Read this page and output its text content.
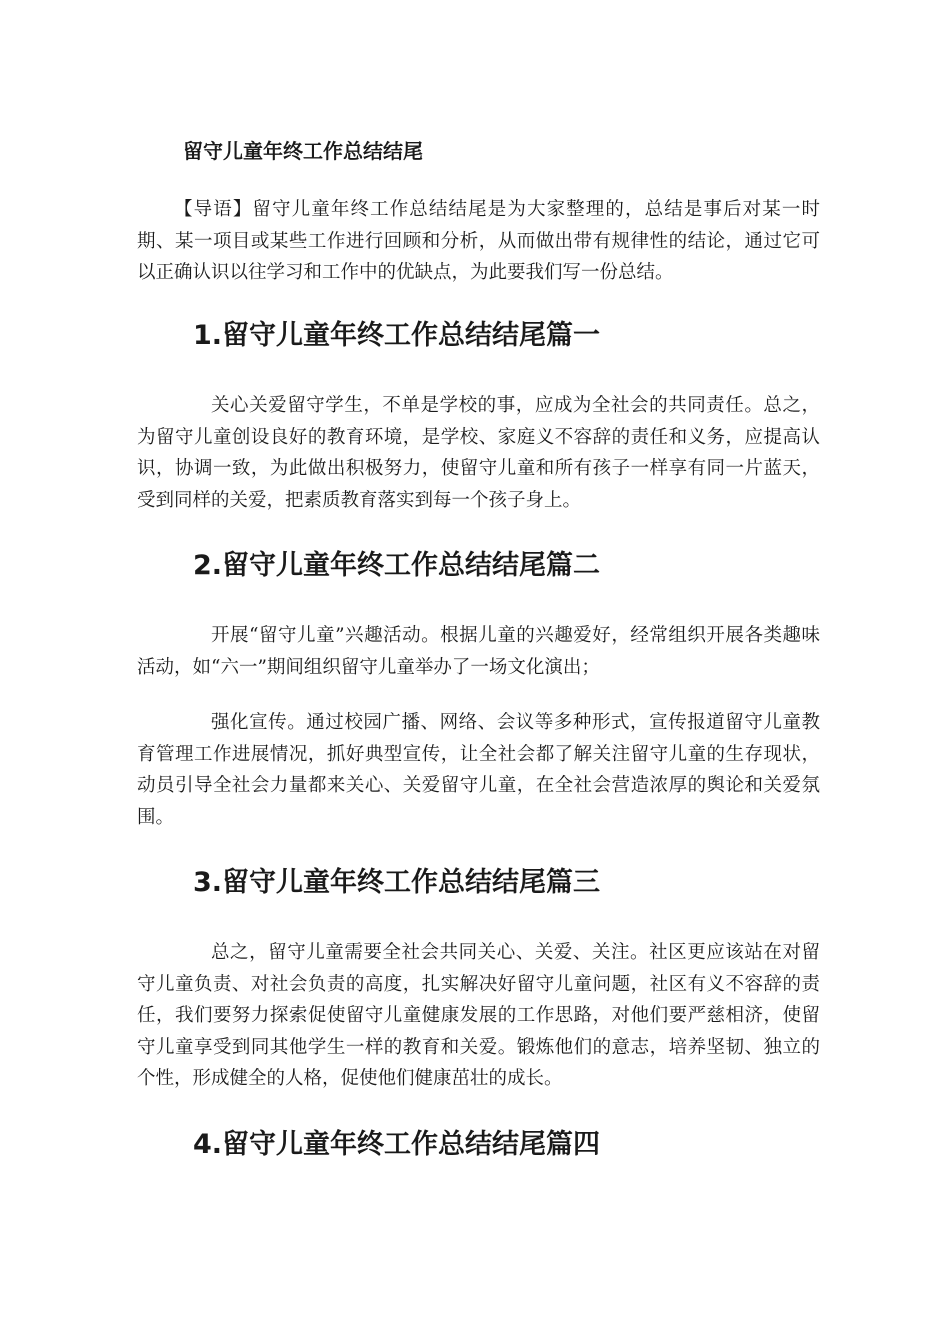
留守儿童年终工作总结结尾

【导语】留守儿童年终工作总结结尾是为大家整理的，总结是事后对某一时期、某一项目或某些工作进行回顾和分析，从而做出带有规律性的结论，通过它可以正确认识以往学习和工作中的优缺点，为此要我们写一份总结。

1.留守儿童年终工作总结结尾篇一

关心关爱留守学生，不单是学校的事，应成为全社会的共同责任。总之，为留守儿童创设良好的教育环境，是学校、家庭义不容辞的责任和义务，应提高认识，协调一致，为此做出积极努力，使留守儿童和所有孩子一样享有同一片蓝天，受到同样的关爱，把素质教育落实到每一个孩子身上。

2.留守儿童年终工作总结结尾篇二

开展“留守儿童”兴趣活动。根据儿童的兴趣爱好，经常组织开展各类趣味活动，如“六一”期间组织留守儿童举办了一场文化演出；

强化宣传。通过校园广播、网络、会议等多种形式，宣传报道留守儿童教育管理工作进展情况，抓好典型宣传，让全社会都了解关注留守儿童的生存现状，动员引导全社会力量都来关心、关爱留守儿童，在全社会营造浓厚的舆论和关爱氛围。

3.留守儿童年终工作总结结尾篇三

总之，留守儿童需要全社会共同关心、关爱、关注。社区更应该站在对留守儿童负责、对社会负责的高度，扎实解决好留守儿童问题，社区有义不容辞的责任，我们要努力探索促使留守儿童健康发展的工作思路，对他们要严慈相济，使留守儿童享受到同其他学生一样的教育和关爱。锻炼他们的意志，培养坚韧、独立的个性，形成健全的人格，促使他们健康茁壮的成长。

4.留守儿童年终工作总结结尾篇四
